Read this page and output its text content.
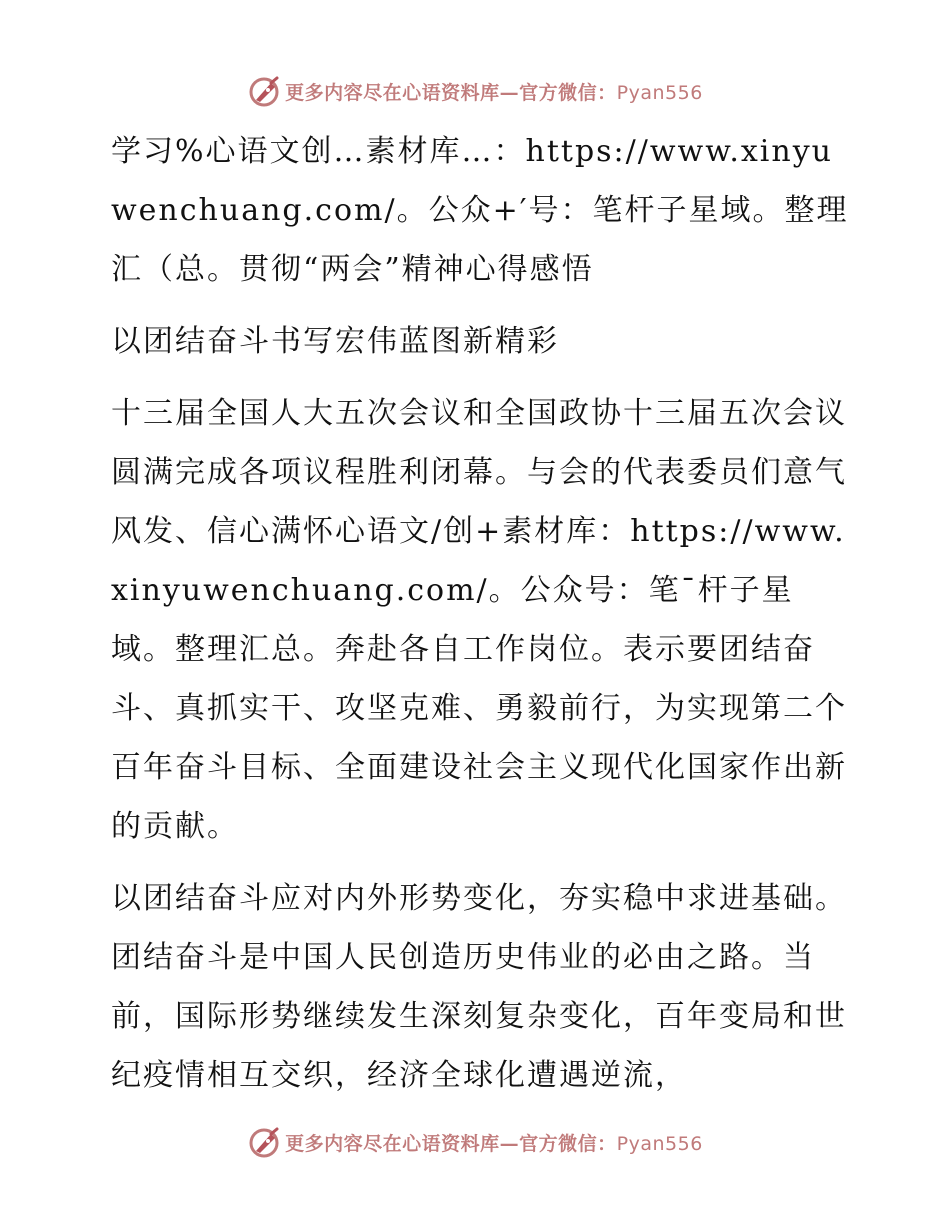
更多内容尽在心语资料库—官方微信：Pyan556

学习%心语文创…素材库…：https://www.xinyuwenchuang.com/。公众+′号：笔杆子星域。整理汇（总。贯彻“两会”精神心得感悟

以团结奋斗书写宏伟蓝图新精彩

十三届全国人大五次会议和全国政协十三届五次会议圆满完成各项议程胜利闭幕。与会的代表委员们意气风发、信心满怀心语文/创+素材库：https://www.xinyuwenchuang.com/。公众号：笔¯杆子星域。整理汇总。奔赴各自工作岗位。表示要团结奋斗、真抓实干、攻坚克难、勇毅前行，为实现第二个百年奋斗目标、全面建设社会主义现代化国家作出新的贡献。

以团结奋斗应对内外形势变化，夯实稳中求进基础。团结奋斗是中国人民创造历史伟业的必由之路。当前，国际形势继续发生深刻复杂变化，百年变局和世纪疫情相互交织，经济全球化遭遇逆流，

更多内容尽在心语资料库—官方微信：Pyan556
